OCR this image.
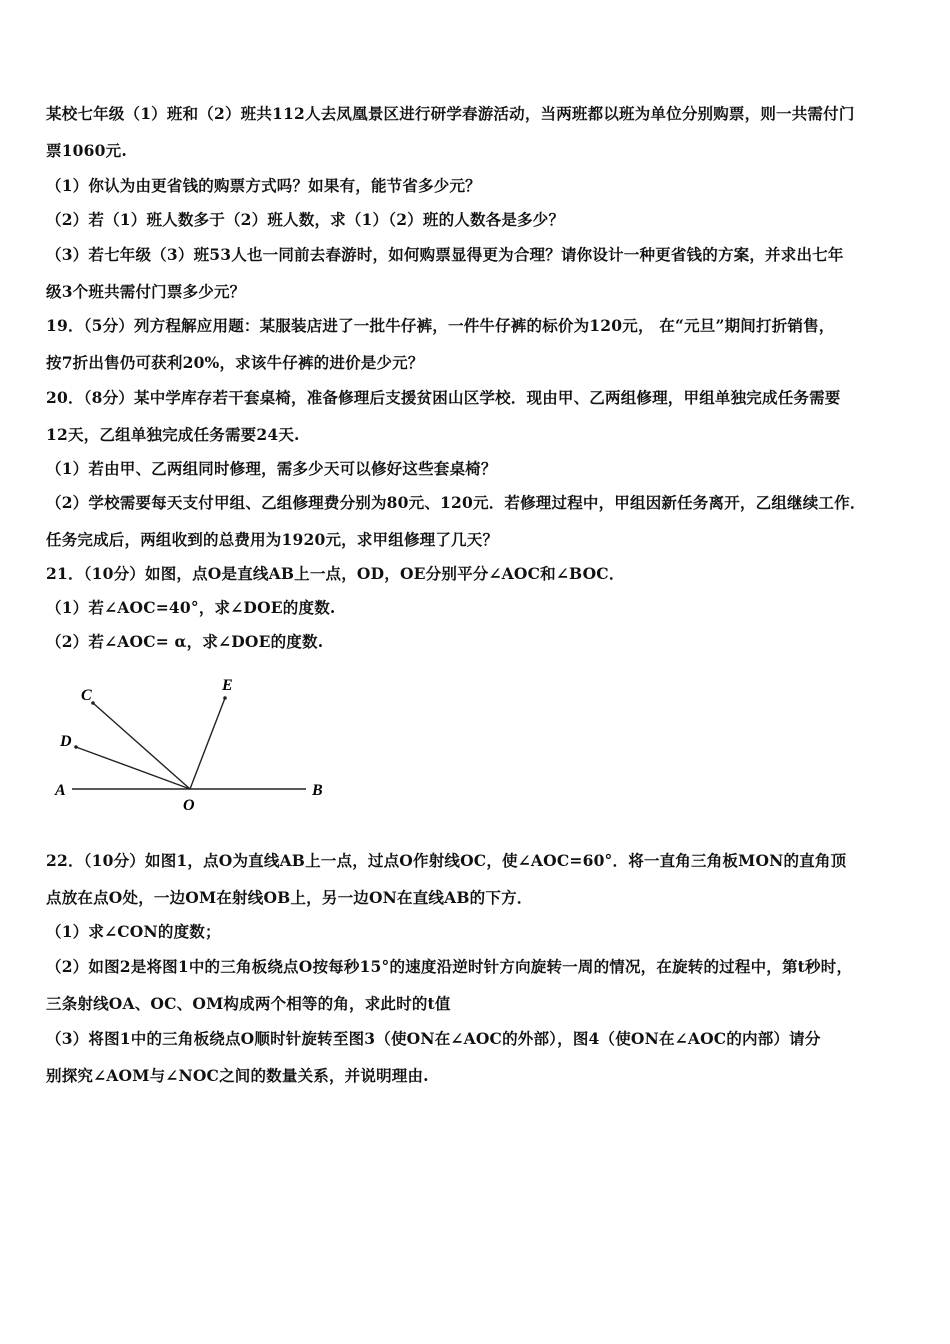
某校七年级（1）班和（2）班共112人去凤凰景区进行研学春游活动，当两班都以班为单位分别购票，则一共需付门
票1060元.
（1）你认为由更省钱的购票方式吗？如果有，能节省多少元？
（2）若（1）班人数多于（2）班人数，求（1）（2）班的人数各是多少？
（3）若七年级（3）班53人也一同前去春游时，如何购票显得更为合理？请你设计一种更省钱的方案，并求出七年
级3个班共需付门票多少元？
19．（5分）列方程解应用题：某服装店进了一批牛仔裤，一件牛仔裤的标价为120元， 在“元旦”期间打折销售，
按7折出售仍可获利20%，求该牛仔裤的进价是少元？
20．（8分）某中学库存若干套桌椅，准备修理后支援贫困山区学校．现由甲、乙两组修理，甲组单独完成任务需要
12天，乙组单独完成任务需要24天.
（1）若由甲、乙两组同时修理，需多少天可以修好这些套桌椅？
（2）学校需要每天支付甲组、乙组修理费分别为80元、120元．若修理过程中，甲组因新任务离开，乙组继续工作．
任务完成后，两组收到的总费用为1920元，求甲组修理了几天？
21．（10分）如图，点O是直线AB上一点，OD，OE分别平分∠AOC和∠BOC．
（1）若∠AOC=40°，求∠DOE的度数.
（2）若∠AOC= α，求∠DOE的度数.
C
D
E
A	B
O
22．（10分）如图1，点O为直线AB上一点，过点O作射线OC，使∠AOC=60°．将一直角三角板MON的直角顶
点放在点O处，一边OM在射线OB上，另一边ON在直线AB的下方．
（1）求∠CON的度数；
（2）如图2是将图1中的三角板绕点O按每秒15°的速度沿逆时针方向旋转一周的情况，在旋转的过程中，第t秒时，
三条射线OA、OC、OM构成两个相等的角，求此时的t值
（3）将图1中的三角板绕点O顺时针旋转至图3（使ON在∠AOC的外部），图4（使ON在∠AOC的内部）请分
别探究∠AOM与∠NOC之间的数量关系，并说明理由.
